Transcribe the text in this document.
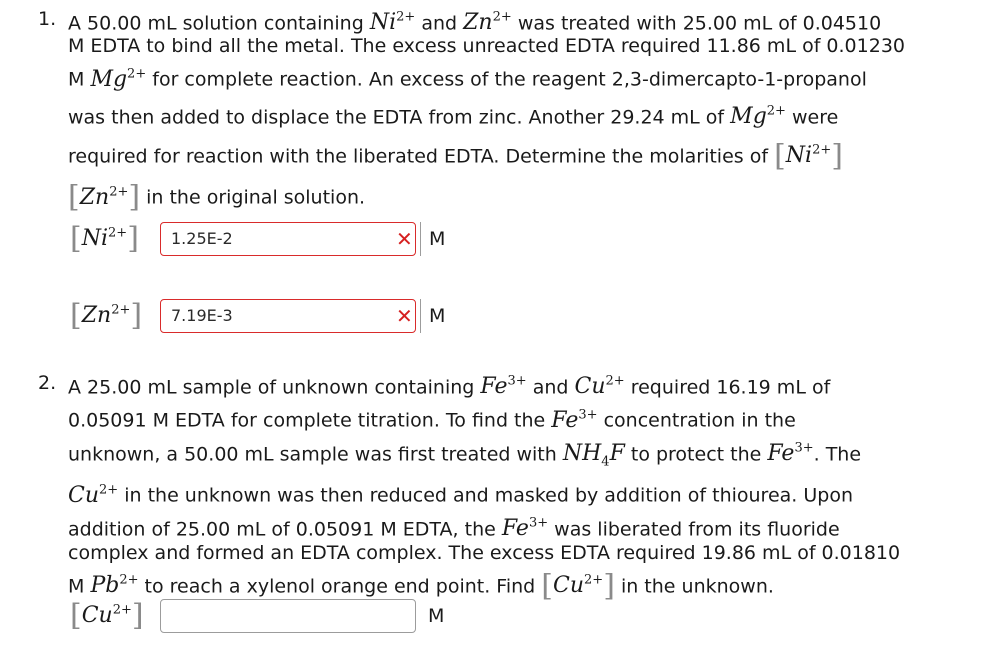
1. A 50.00 mL solution containing $Ni^{2+}$ and $Zn^{2+}$ was treated with 25.00 mL of 0.04510
M EDTA to bind all the metal. The excess unreacted EDTA required 11.86 mL of 0.01230
M $Mg^{2+}$ for complete reaction. An excess of the reagent 2,3-dimercapto-1-propanol
was then added to displace the EDTA from zinc. Another 29.24 mL of $Mg^{2+}$ were
required for reaction with the liberated EDTA. Determine the molarities of $[Ni^{2+}]$
$[Zn^{2+}]$ in the original solution.
$[Ni^{2+}]$	1.25E-2	✕ M
$[Zn^{2+}]$	7.19E-3	✕ M
2. A 25.00 mL sample of unknown containing $Fe^{3+}$ and $Cu^{2+}$ required 16.19 mL of
0.05091 M EDTA for complete titration. To find the $Fe^{3+}$ concentration in the
unknown, a 50.00 mL sample was first treated with $NH_4F$ to protect the $Fe^{3+}$. The
$Cu^{2+}$ in the unknown was then reduced and masked by addition of thiourea. Upon
addition of 25.00 mL of 0.05091 M EDTA, the $Fe^{3+}$ was liberated from its fluoride
complex and formed an EDTA complex. The excess EDTA required 19.86 mL of 0.01810
M $Pb^{2+}$ to reach a xylenol orange end point. Find $[Cu^{2+}]$ in the unknown.
$[Cu^{2+}]$	M
